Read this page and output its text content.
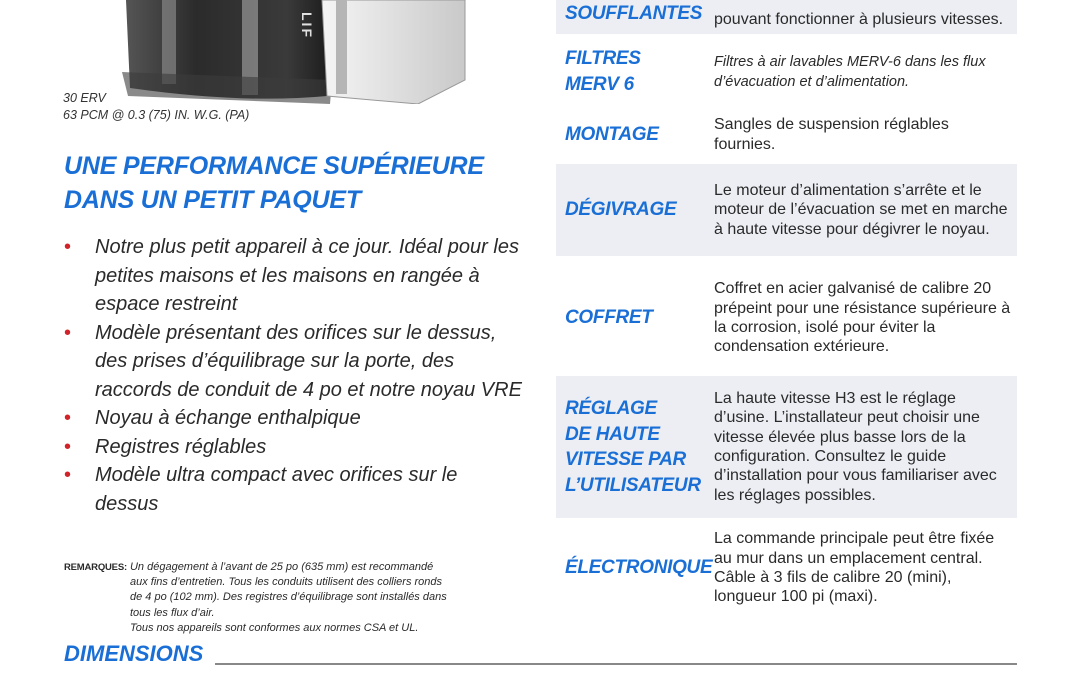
LIF
30 ERV
63 PCM @ 0.3 (75) IN. W.G. (PA)
UNE PERFORMANCE SUPÉRIEURE
DANS UN PETIT PAQUET
• Notre plus petit appareil à ce jour. Idéal pour les petites maisons et les maisons en rangée à espace restreint
• Modèle présentant des orifices sur le dessus, des prises d’équilibrage sur la porte, des raccords de conduit de 4 po et notre noyau VRE
• Noyau à échange enthalpique
• Registres réglables
• Modèle ultra compact avec orifices sur le dessus
REMARQUES: Un dégagement à l’avant de 25 po (635 mm) est recommandé
aux fins d’entretien. Tous les conduits utilisent des colliers ronds
de 4 po (102 mm). Des registres d’équilibrage sont installés dans
tous les flux d’air.
Tous nos appareils sont conformes aux normes CSA et UL.
DIMENSIONS
SOUFFLANTES pouvant fonctionner à plusieurs vitesses.
FILTRES
MERV 6
Filtres à air lavables MERV-6 dans les flux d’évacuation et d’alimentation.
MONTAGE	Sangles de suspension réglables fournies.
DÉGIVRAGE
Le moteur d’alimentation s’arrête et le moteur de l’évacuation se met en marche à haute vitesse pour dégivrer le noyau.
COFFRET
Coffret en acier galvanisé de calibre 20 prépeint pour une résistance supérieure à la corrosion, isolé pour éviter la condensation extérieure.
RÉGLAGE
DE HAUTE
VITESSE PAR
L’UTILISATEUR
La haute vitesse H3 est le réglage d’usine. L’installateur peut choisir une vitesse élevée plus basse lors de la configuration. Consultez le guide d’installation pour vous familiariser avec les réglages possibles.
ÉLECTRONIQUE
La commande principale peut être fixée au mur dans un emplacement central. Câble à 3 fils de calibre 20 (mini), longueur 100 pi (maxi).
